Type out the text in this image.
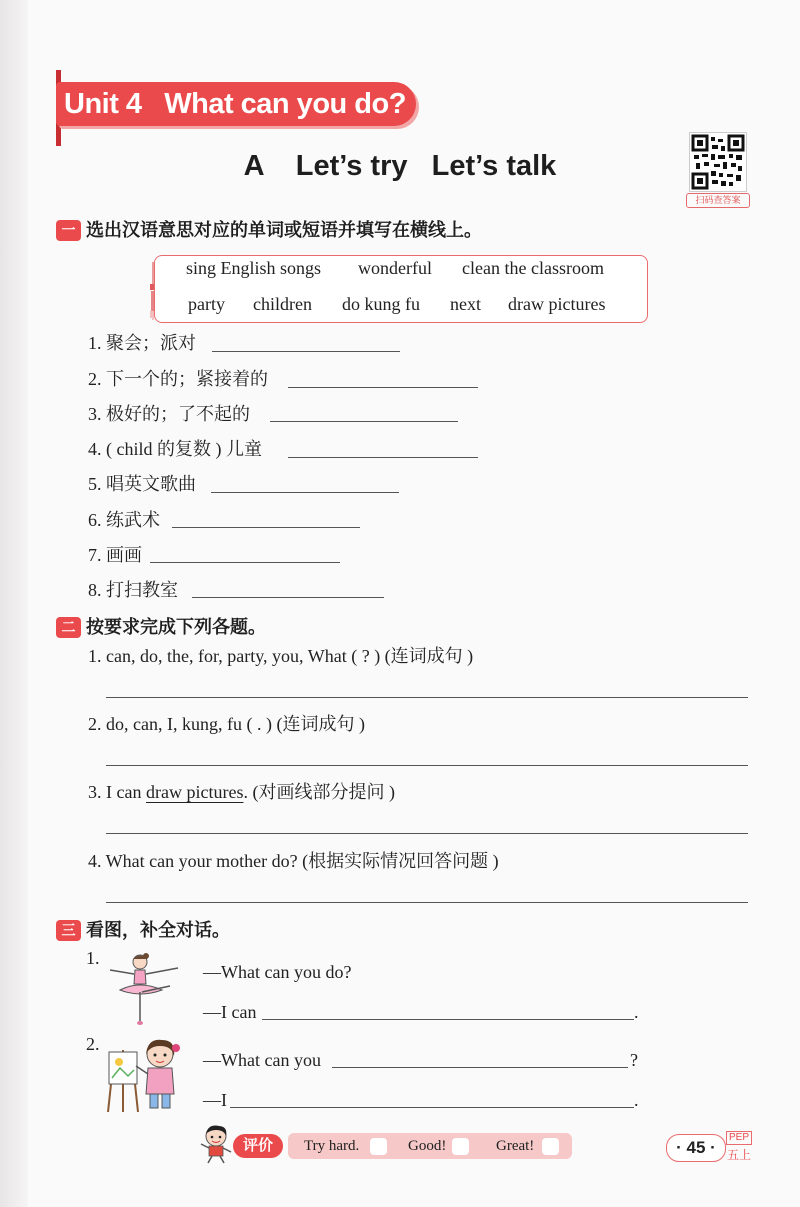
Unit 4   What can you do?
A    Let’s try   Let’s talk
扫码查答案
一 选出汉语意思对应的单词或短语并填写在横线上。
sing English songs wonderful clean the classroom
party children do kung fu next draw pictures
1. 聚会；派对
2. 下一个的；紧接着的
3. 极好的；了不起的
4. ( child 的复数 ) 儿童
5. 唱英文歌曲
6. 练武术
7. 画画
8. 打扫教室
二 按要求完成下列各题。
1. can, do, the, for, party, you, What ( ? ) (连词成句 )
2. do, can, I, kung, fu ( . ) (连词成句 )
3. I can draw pictures. (对画线部分提问 )
4. What can your mother do? (根据实际情况回答问题 )
三 看图，补全对话。
1.
—What can you do?
—I can	.
2.
—What can you	?
—I	.
评价	Try hard.	Good!	Great!	· 45 ·
PEP
五上
